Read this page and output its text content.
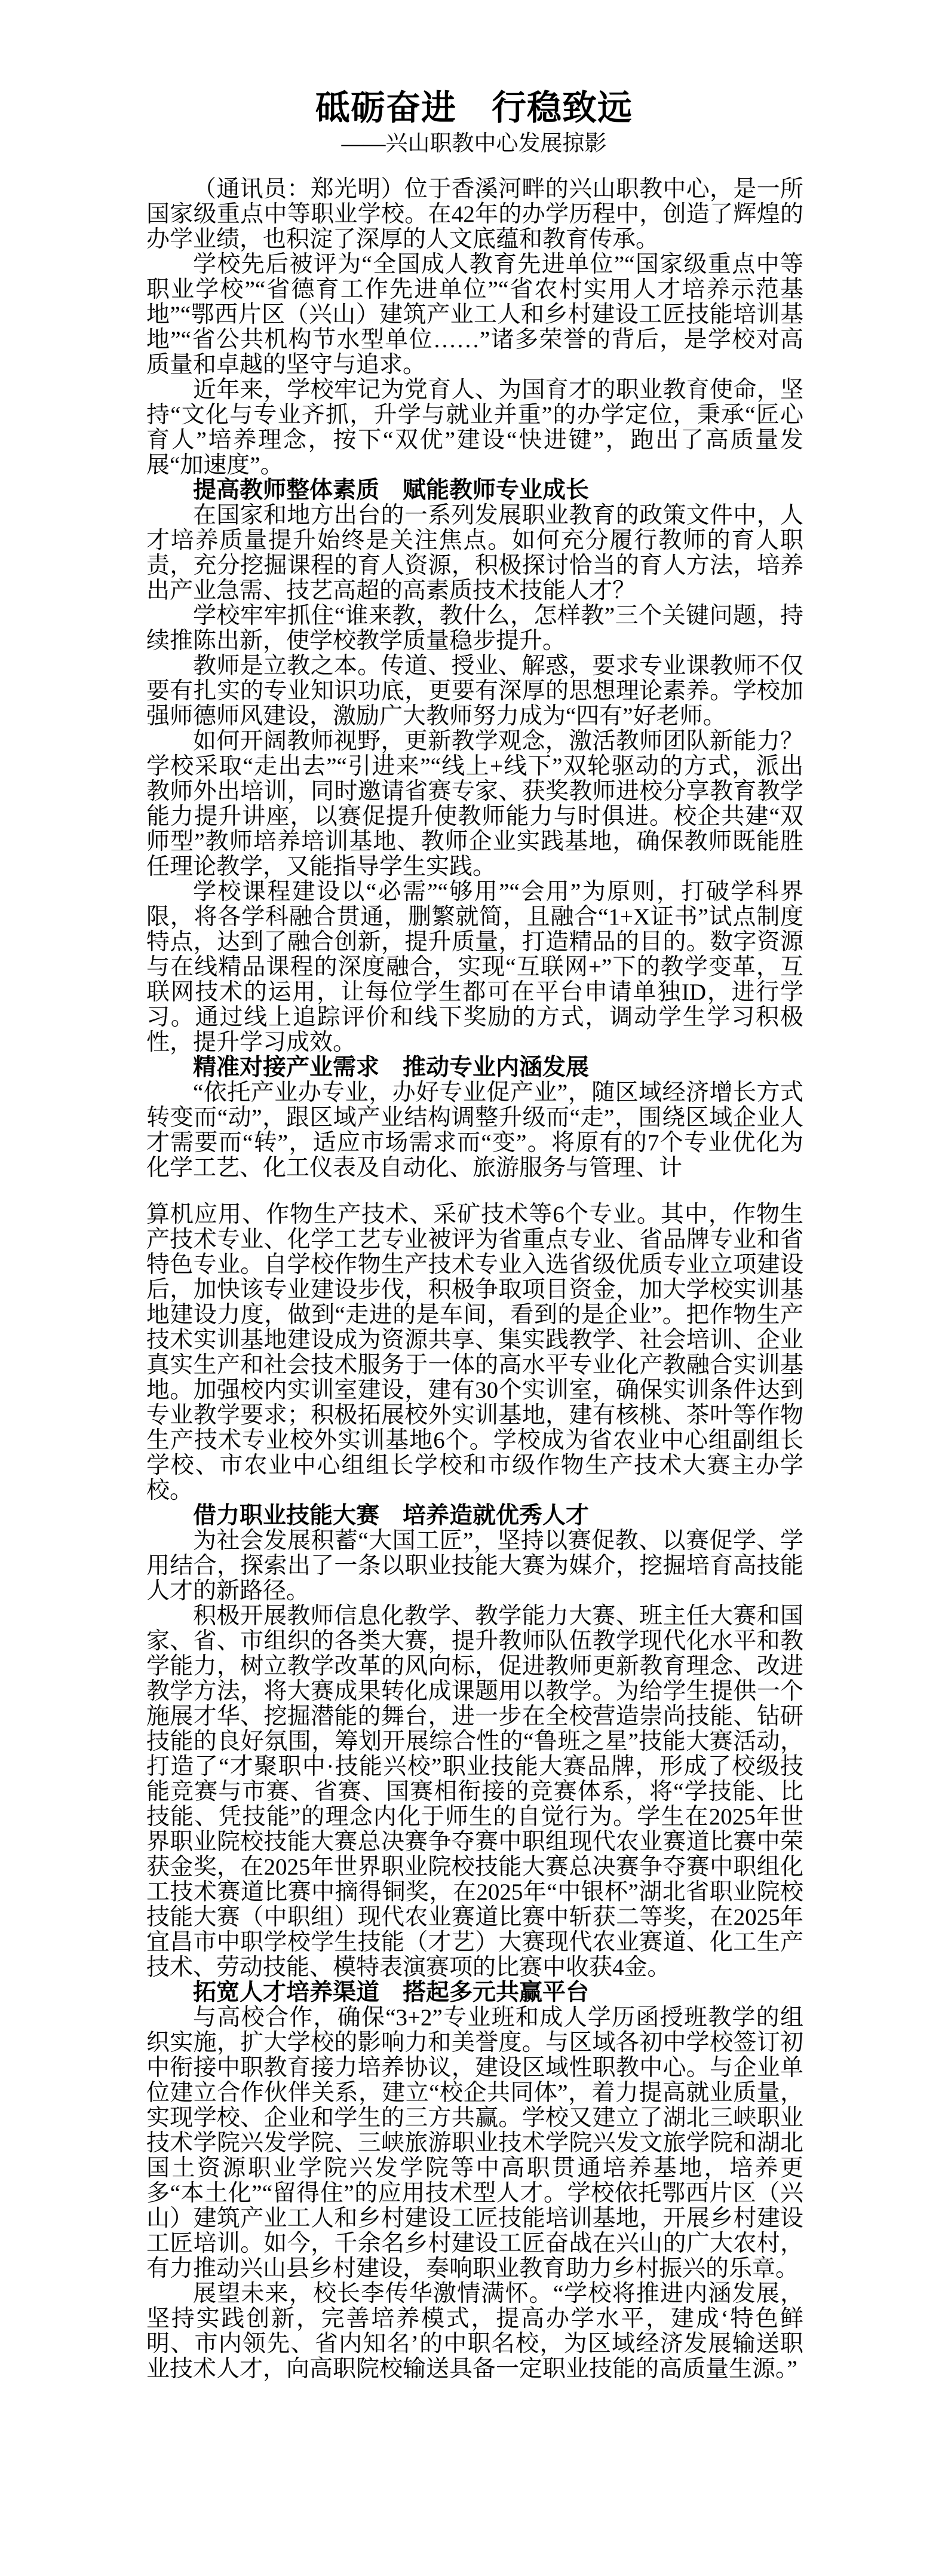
砥砺奋进　行稳致远
——兴山职教中心发展掠影
（通讯员：郑光明）位于香溪河畔的兴山职教中心，是一所国家级重点中等职业学校。在42年的办学历程中，创造了辉煌的办学业绩，也积淀了深厚的人文底蕴和教育传承。
学校先后被评为“全国成人教育先进单位”“国家级重点中等职业学校”“省德育工作先进单位”“省农村实用人才培养示范基地”“鄂西片区（兴山）建筑产业工人和乡村建设工匠技能培训基地”“省公共机构节水型单位……”诸多荣誉的背后，是学校对高质量和卓越的坚守与追求。
近年来，学校牢记为党育人、为国育才的职业教育使命，坚持“文化与专业齐抓，升学与就业并重”的办学定位，秉承“匠心育人”培养理念，按下“双优”建设“快进键”，跑出了高质量发展“加速度”。
提高教师整体素质　赋能教师专业成长
在国家和地方出台的一系列发展职业教育的政策文件中，人才培养质量提升始终是关注焦点。如何充分履行教师的育人职责，充分挖掘课程的育人资源，积极探讨恰当的育人方法，培养出产业急需、技艺高超的高素质技术技能人才？
学校牢牢抓住“谁来教，教什么，怎样教”三个关键问题，持续推陈出新，使学校教学质量稳步提升。
教师是立教之本。传道、授业、解惑，要求专业课教师不仅要有扎实的专业知识功底，更要有深厚的思想理论素养。学校加强师德师风建设，激励广大教师努力成为“四有”好老师。
如何开阔教师视野，更新教学观念，激活教师团队新能力？学校采取“走出去”“引进来”“线上+线下”双轮驱动的方式，派出教师外出培训，同时邀请省赛专家、获奖教师进校分享教育教学能力提升讲座，以赛促提升使教师能力与时俱进。校企共建“双师型”教师培养培训基地、教师企业实践基地，确保教师既能胜任理论教学，又能指导学生实践。
学校课程建设以“必需”“够用”“会用”为原则，打破学科界限，将各学科融合贯通，删繁就简，且融合“1+X证书”试点制度特点，达到了融合创新，提升质量，打造精品的目的。数字资源与在线精品课程的深度融合，实现“互联网+”下的教学变革，互联网技术的运用，让每位学生都可在平台申请单独ID，进行学习。通过线上追踪评价和线下奖励的方式，调动学生学习积极性，提升学习成效。
精准对接产业需求　推动专业内涵发展
“依托产业办专业，办好专业促产业”，随区域经济增长方式转变而“动”，跟区域产业结构调整升级而“走”，围绕区域企业人才需要而“转”，适应市场需求而“变”。将原有的7个专业优化为化学工艺、化工仪表及自动化、旅游服务与管理、计
算机应用、作物生产技术、采矿技术等6个专业。其中，作物生产技术专业、化学工艺专业被评为省重点专业、省品牌专业和省特色专业。自学校作物生产技术专业入选省级优质专业立项建设后，加快该专业建设步伐，积极争取项目资金，加大学校实训基地建设力度，做到“走进的是车间，看到的是企业”。把作物生产技术实训基地建设成为资源共享、集实践教学、社会培训、企业真实生产和社会技术服务于一体的高水平专业化产教融合实训基地。加强校内实训室建设，建有30个实训室，确保实训条件达到专业教学要求；积极拓展校外实训基地，建有核桃、茶叶等作物生产技术专业校外实训基地6个。学校成为省农业中心组副组长学校、市农业中心组组长学校和市级作物生产技术大赛主办学校。
借力职业技能大赛　培养造就优秀人才
为社会发展积蓄“大国工匠”，坚持以赛促教、以赛促学、学用结合，探索出了一条以职业技能大赛为媒介，挖掘培育高技能人才的新路径。
积极开展教师信息化教学、教学能力大赛、班主任大赛和国家、省、市组织的各类大赛，提升教师队伍教学现代化水平和教学能力，树立教学改革的风向标，促进教师更新教育理念、改进教学方法，将大赛成果转化成课题用以教学。为给学生提供一个施展才华、挖掘潜能的舞台，进一步在全校营造崇尚技能、钻研技能的良好氛围，筹划开展综合性的“鲁班之星”技能大赛活动，打造了“才聚职中·技能兴校”职业技能大赛品牌，形成了校级技能竞赛与市赛、省赛、国赛相衔接的竞赛体系，将“学技能、比技能、凭技能”的理念内化于师生的自觉行为。学生在2025年世界职业院校技能大赛总决赛争夺赛中职组现代农业赛道比赛中荣获金奖，在2025年世界职业院校技能大赛总决赛争夺赛中职组化工技术赛道比赛中摘得铜奖，在2025年“中银杯”湖北省职业院校技能大赛（中职组）现代农业赛道比赛中斩获二等奖，在2025年宜昌市中职学校学生技能（才艺）大赛现代农业赛道、化工生产技术、劳动技能、模特表演赛项的比赛中收获4金。
拓宽人才培养渠道　搭起多元共赢平台
与高校合作，确保“3+2”专业班和成人学历函授班教学的组织实施，扩大学校的影响力和美誉度。与区域各初中学校签订初中衔接中职教育接力培养协议，建设区域性职教中心。与企业单位建立合作伙伴关系，建立“校企共同体”，着力提高就业质量，实现学校、企业和学生的三方共赢。学校又建立了湖北三峡职业技术学院兴发学院、三峡旅游职业技术学院兴发文旅学院和湖北国土资源职业学院兴发学院等中高职贯通培养基地，培养更多“本土化”“留得住”的应用技术型人才。学校依托鄂西片区（兴山）建筑产业工人和乡村建设工匠技能培训基地，开展乡村建设工匠培训。如今，千余名乡村建设工匠奋战在兴山的广大农村，有力推动兴山县乡村建设，奏响职业教育助力乡村振兴的乐章。
展望未来，校长李传华激情满怀。“学校将推进内涵发展，坚持实践创新，完善培养模式，提高办学水平，建成‘特色鲜明、市内领先、省内知名’的中职名校，为区域经济发展输送职业技术人才，向高职院校输送具备一定职业技能的高质量生源。”
